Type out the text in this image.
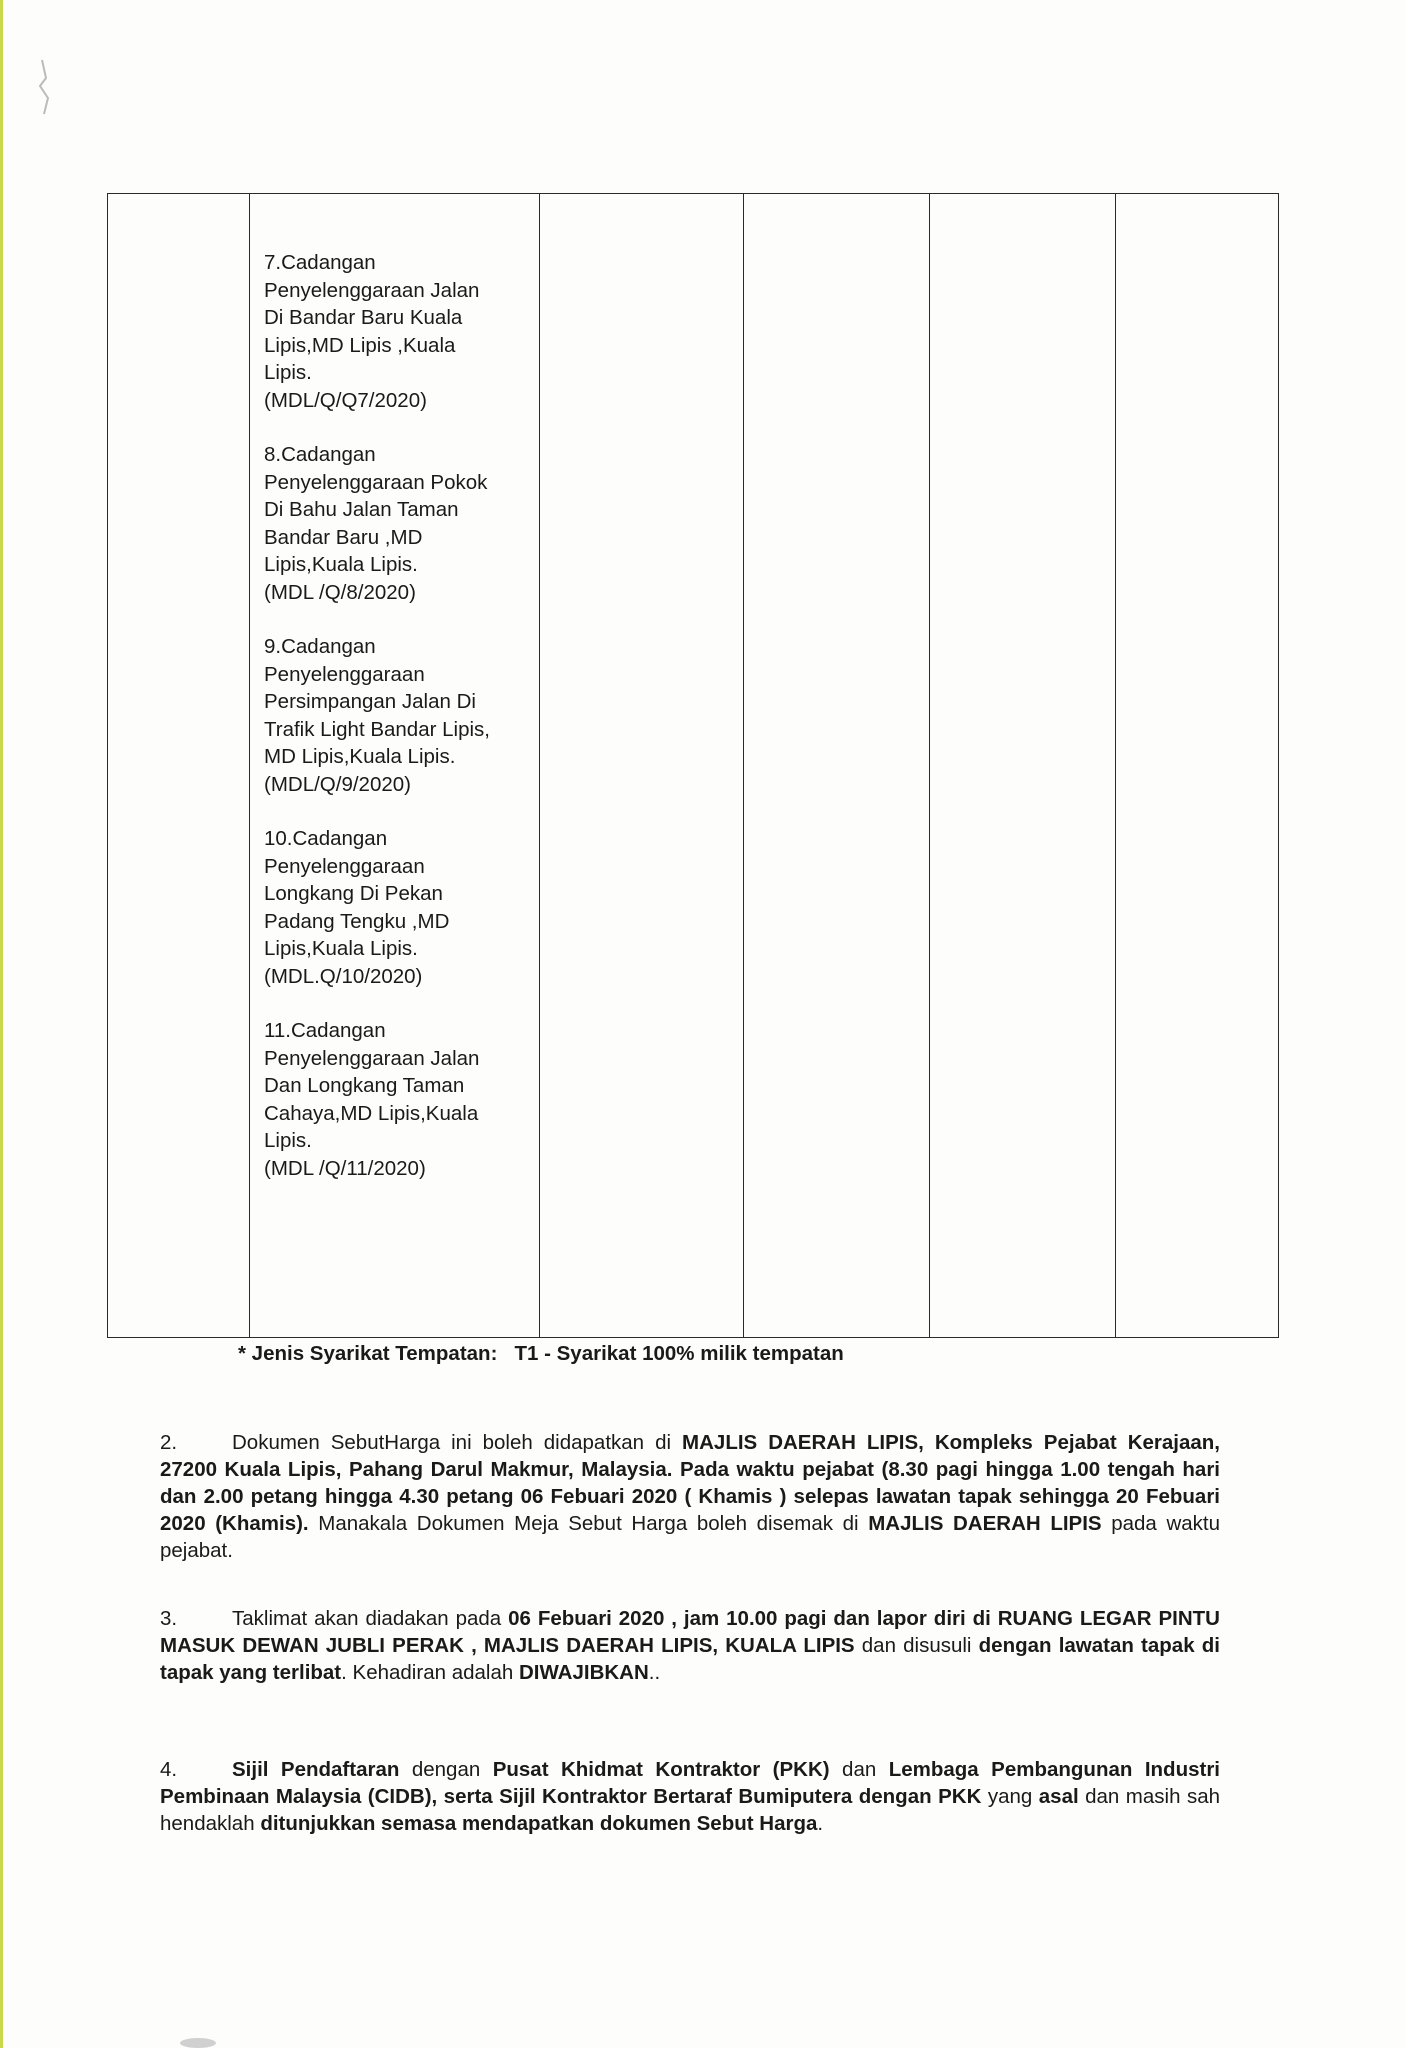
7.Cadangan
Penyelenggaraan Jalan
Di Bandar Baru Kuala
Lipis,MD Lipis ,Kuala
Lipis.
(MDL/Q/Q7/2020)
8.Cadangan
Penyelenggaraan Pokok
Di Bahu Jalan Taman
Bandar Baru ,MD
Lipis,Kuala Lipis.
(MDL /Q/8/2020)
9.Cadangan
Penyelenggaraan
Persimpangan Jalan Di
Trafik Light Bandar Lipis,
MD Lipis,Kuala Lipis.
(MDL/Q/9/2020)
10.Cadangan
Penyelenggaraan
Longkang Di Pekan
Padang Tengku ,MD
Lipis,Kuala Lipis.
(MDL.Q/10/2020)
11.Cadangan
Penyelenggaraan Jalan
Dan Longkang Taman
Cahaya,MD Lipis,Kuala
Lipis.
(MDL /Q/11/2020)

* Jenis Syarikat Tempatan:   T1 - Syarikat 100% milik tempatan
2.	Dokumen SebutHarga ini boleh didapatkan di MAJLIS DAERAH LIPIS, Kompleks Pejabat Kerajaan, 27200 Kuala Lipis, Pahang Darul Makmur, Malaysia. Pada waktu pejabat (8.30 pagi hingga 1.00 tengah hari dan 2.00 petang hingga 4.30 petang 06 Febuari 2020 ( Khamis ) selepas lawatan tapak sehingga 20 Febuari 2020 (Khamis). Manakala Dokumen Meja Sebut Harga boleh disemak di MAJLIS DAERAH LIPIS pada waktu pejabat.
3.	Taklimat akan diadakan pada 06 Febuari 2020 , jam 10.00 pagi dan lapor diri di RUANG LEGAR PINTU MASUK DEWAN JUBLI PERAK , MAJLIS DAERAH LIPIS, KUALA LIPIS dan disusuli dengan lawatan tapak di tapak yang terlibat. Kehadiran adalah DIWAJIBKAN..
4.	Sijil Pendaftaran dengan Pusat Khidmat Kontraktor (PKK) dan Lembaga Pembangunan Industri Pembinaan Malaysia (CIDB), serta Sijil Kontraktor Bertaraf Bumiputera dengan PKK yang asal dan masih sah hendaklah ditunjukkan semasa mendapatkan dokumen Sebut Harga.
